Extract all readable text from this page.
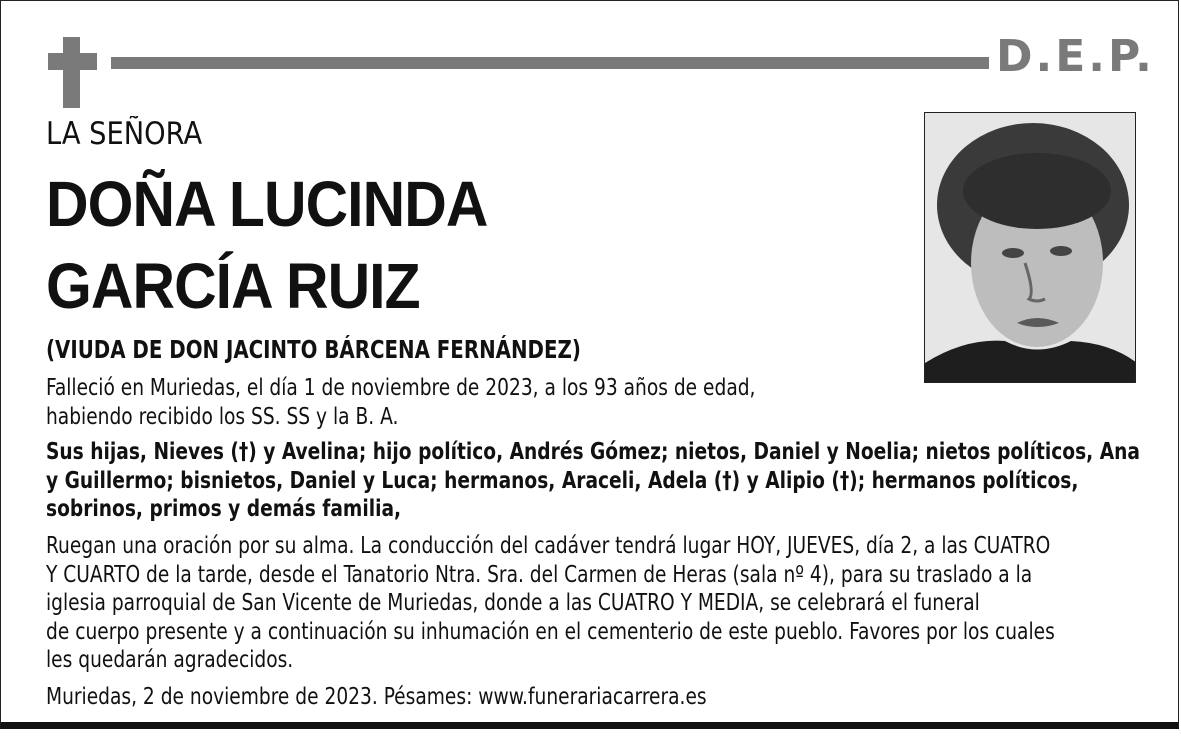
D.E.P.
LA SEÑORA
DOÑA LUCINDA
GARCÍA RUIZ
(VIUDA DE DON JACINTO BÁRCENA FERNÁNDEZ)
Falleció en Muriedas, el día 1 de noviembre de 2023, a los 93 años de edad,
habiendo recibido los SS. SS y la B. A.
Sus hijas, Nieves (†) y Avelina; hijo político, Andrés Gómez; nietos, Daniel y Noelia; nietos políticos, Ana
y Guillermo; bisnietos, Daniel y Luca; hermanos, Araceli, Adela (†) y Alipio (†); hermanos políticos,
sobrinos, primos y demás familia,
Ruegan una oración por su alma. La conducción del cadáver tendrá lugar HOY, JUEVES, día 2, a las CUATRO
Y CUARTO de la tarde, desde el Tanatorio Ntra. Sra. del Carmen de Heras (sala nº 4), para su traslado a la
iglesia parroquial de San Vicente de Muriedas, donde a las CUATRO Y MEDIA, se celebrará el funeral
de cuerpo presente y a continuación su inhumación en el cementerio de este pueblo. Favores por los cuales
les quedarán agradecidos.
Muriedas, 2 de noviembre de 2023. Pésames: www.funerariacarrera.es
